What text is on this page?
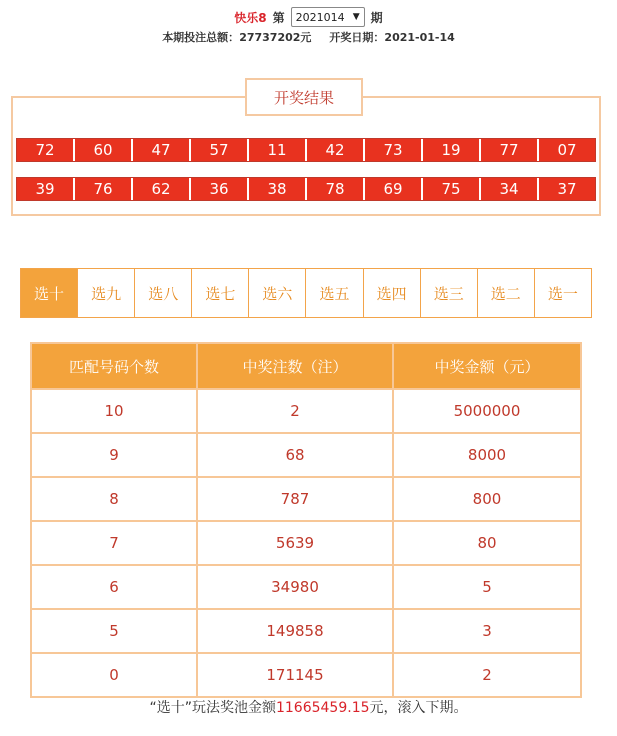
快乐8 第 2021014 ▼ 期
本期投注总额：27737202元 开奖日期：2021-01-14
开奖结果
72	60	47	57	11	42	73	19	77	07
39	76	62	36	38	78	69	75	34	37
选十	选九	选八	选七	选六	选五	选四	选三	选二	选一
匹配号码个数	中奖注数（注）	中奖金额（元）
10	2	5000000
9	68	8000
8	787	800
7	5639	80
6	34980	5
5	149858	3
0	171145	2
“选十”玩法奖池金额11665459.15元，滚入下期。
